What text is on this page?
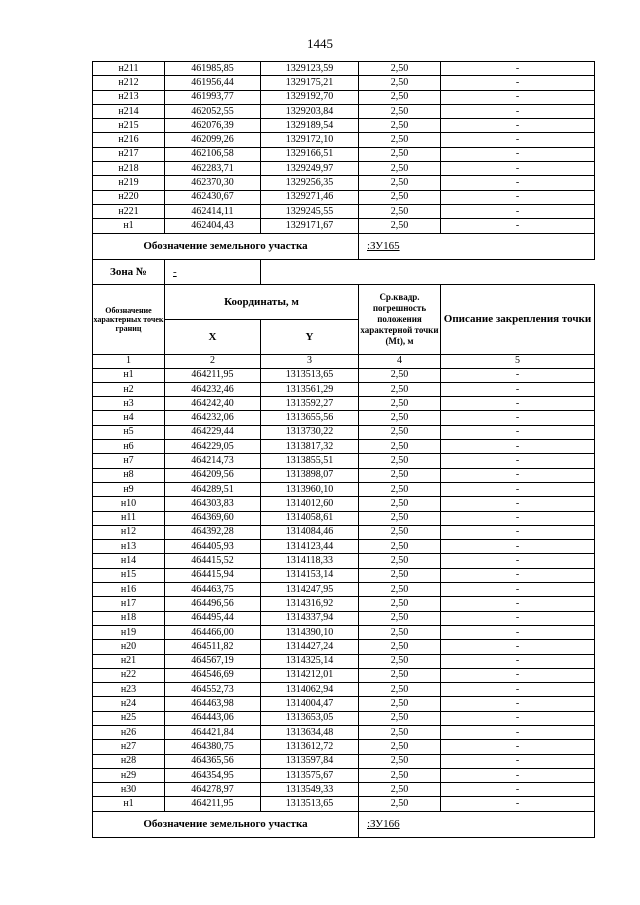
1445
н211	461985,85	1329123,59	2,50	-
н212	461956,44	1329175,21	2,50	-
н213	461993,77	1329192,70	2,50	-
н214	462052,55	1329203,84	2,50	-
н215	462076,39	1329189,54	2,50	-
н216	462099,26	1329172,10	2,50	-
н217	462106,58	1329166,51	2,50	-
н218	462283,71	1329249,97	2,50	-
н219	462370,30	1329256,35	2,50	-
н220	462430,67	1329271,46	2,50	-
н221	462414,11	1329245,55	2,50	-
н1	462404,43	1329171,67	2,50	-
Обозначение земельного участка			:ЗУ165	
Зона №	-			
Обозначение характерных точек границ	Координаты, м		Ср.квадр. погрешность положения характерной точки (Mt), м	Описание закрепления точки
	X	Y		
1	2	3	4	5
н1	464211,95	1313513,65	2,50	-
н2	464232,46	1313561,29	2,50	-
н3	464242,40	1313592,27	2,50	-
н4	464232,06	1313655,56	2,50	-
н5	464229,44	1313730,22	2,50	-
н6	464229,05	1313817,32	2,50	-
н7	464214,73	1313855,51	2,50	-
н8	464209,56	1313898,07	2,50	-
н9	464289,51	1313960,10	2,50	-
н10	464303,83	1314012,60	2,50	-
н11	464369,60	1314058,61	2,50	-
н12	464392,28	1314084,46	2,50	-
н13	464405,93	1314123,44	2,50	-
н14	464415,52	1314118,33	2,50	-
н15	464415,94	1314153,14	2,50	-
н16	464463,75	1314247,95	2,50	-
н17	464496,56	1314316,92	2,50	-
н18	464495,44	1314337,94	2,50	-
н19	464466,00	1314390,10	2,50	-
н20	464511,82	1314427,24	2,50	-
н21	464567,19	1314325,14	2,50	-
н22	464546,69	1314212,01	2,50	-
н23	464552,73	1314062,94	2,50	-
н24	464463,98	1314004,47	2,50	-
н25	464443,06	1313653,05	2,50	-
н26	464421,84	1313634,48	2,50	-
н27	464380,75	1313612,72	2,50	-
н28	464365,56	1313597,84	2,50	-
н29	464354,95	1313575,67	2,50	-
н30	464278,97	1313549,33	2,50	-
н1	464211,95	1313513,65	2,50	-
Обозначение земельного участка			:ЗУ166	
